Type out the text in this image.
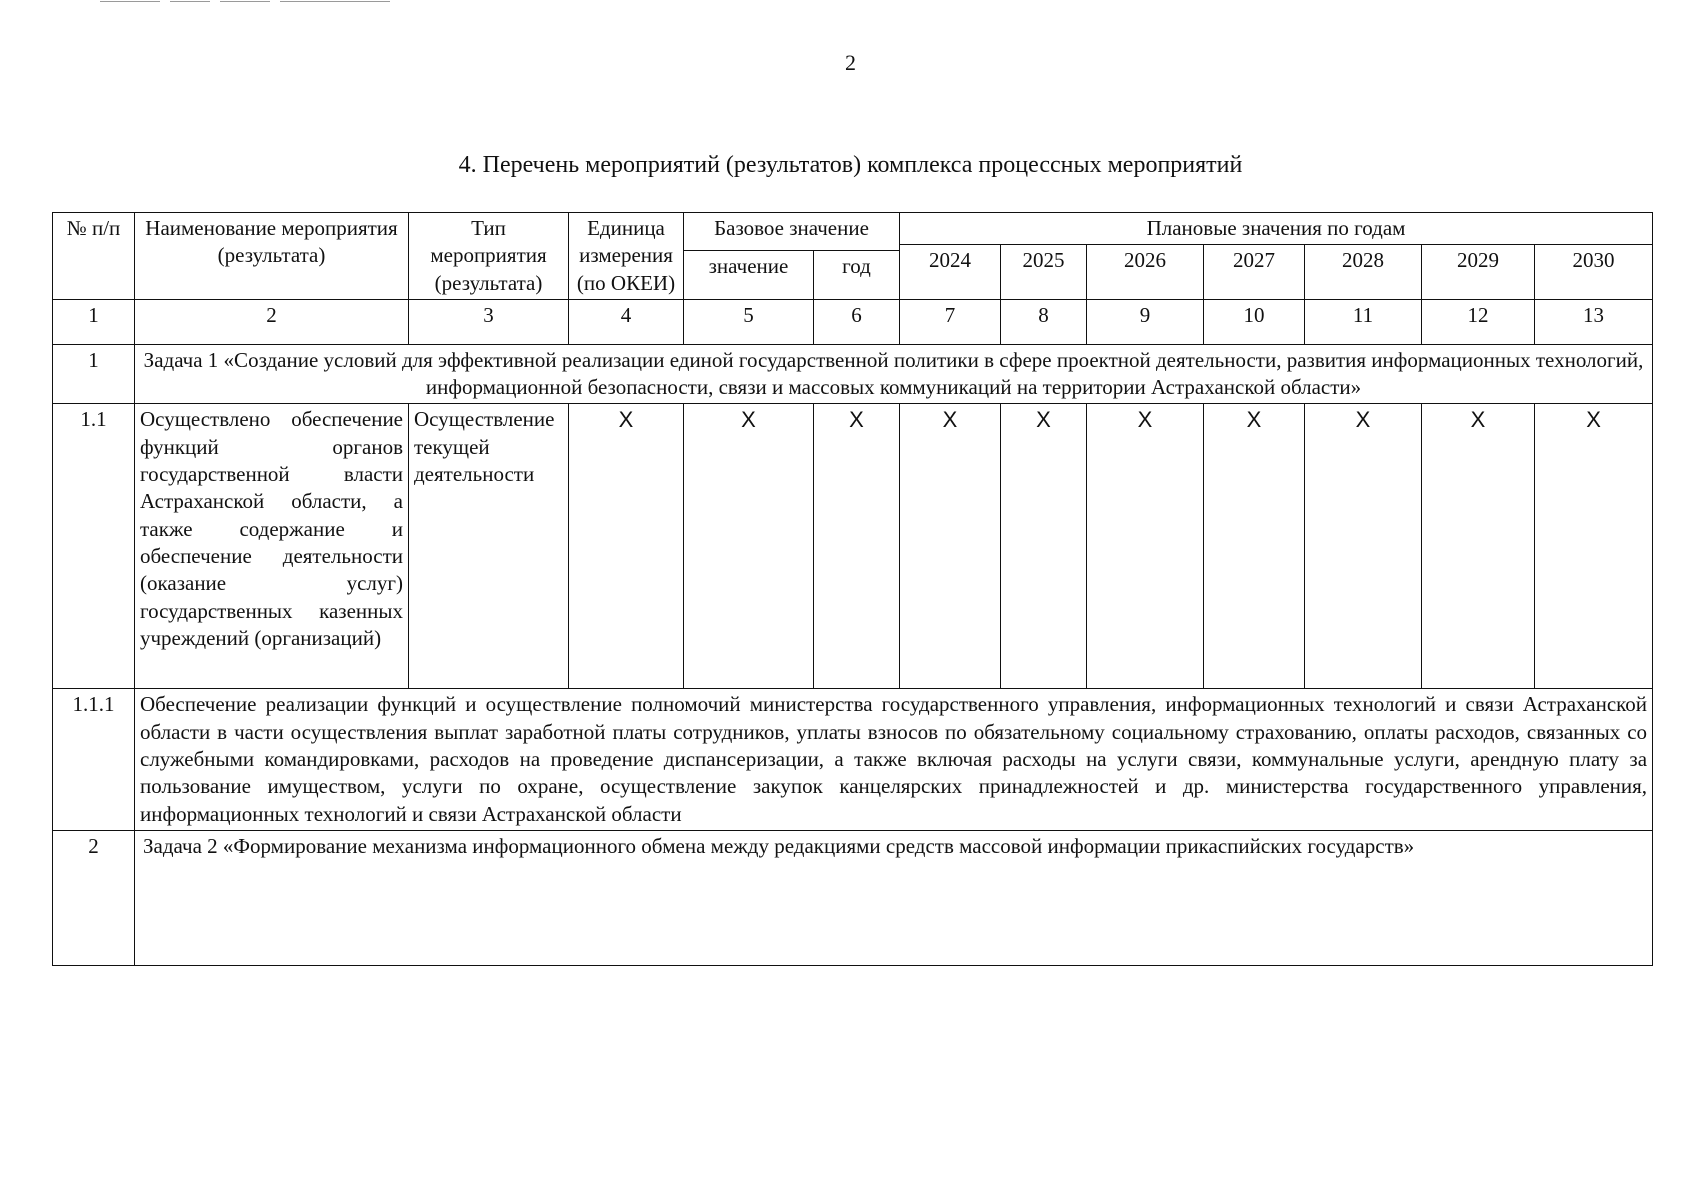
2
4. Перечень мероприятий (результатов) комплекса процессных мероприятий
№ п/п	Наименование мероприятия (результата)	Тип мероприятия (результата)	Единица измерения (по ОКЕИ)	Базовое значение		Плановые значения по годам						
						2024	2025	2026	2027	2028	2029	2030
				значение	год							
1	2	3	4	5	6	7	8	9	10	11	12	13
1	Задача 1 «Создание условий для эффективной реализации единой государственной политики в сфере проектной деятельности, развития информационных технологий, информационной безопасности, связи и массовых коммуникаций на территории Астраханской области»											
1.1	Осуществлено обеспечение функций органов государственной власти Астраханской области, а также содержание и обеспечение деятельности (оказание услуг) государственных казенных учреждений (организаций)	Осуществление текущей деятельности	Х	Х	Х	Х	Х	Х	Х	Х	Х	Х
1.1.1	Обеспечение реализации функций и осуществление полномочий министерства государственного управления, информационных технологий и связи Астраханской области в части осуществления выплат заработной платы сотрудников, уплаты взносов по обязательному социальному страхованию, оплаты расходов, связанных со служебными командировками, расходов на проведение диспансеризации, а также включая расходы на услуги связи, коммунальные услуги, арендную плату за пользование имуществом, услуги по охране, осуществление закупок канцелярских принадлежностей и др. министерства государственного управления, информационных технологий и связи Астраханской области											
2	Задача 2 «Формирование механизма информационного обмена между редакциями средств массовой информации прикаспийских государств»											
